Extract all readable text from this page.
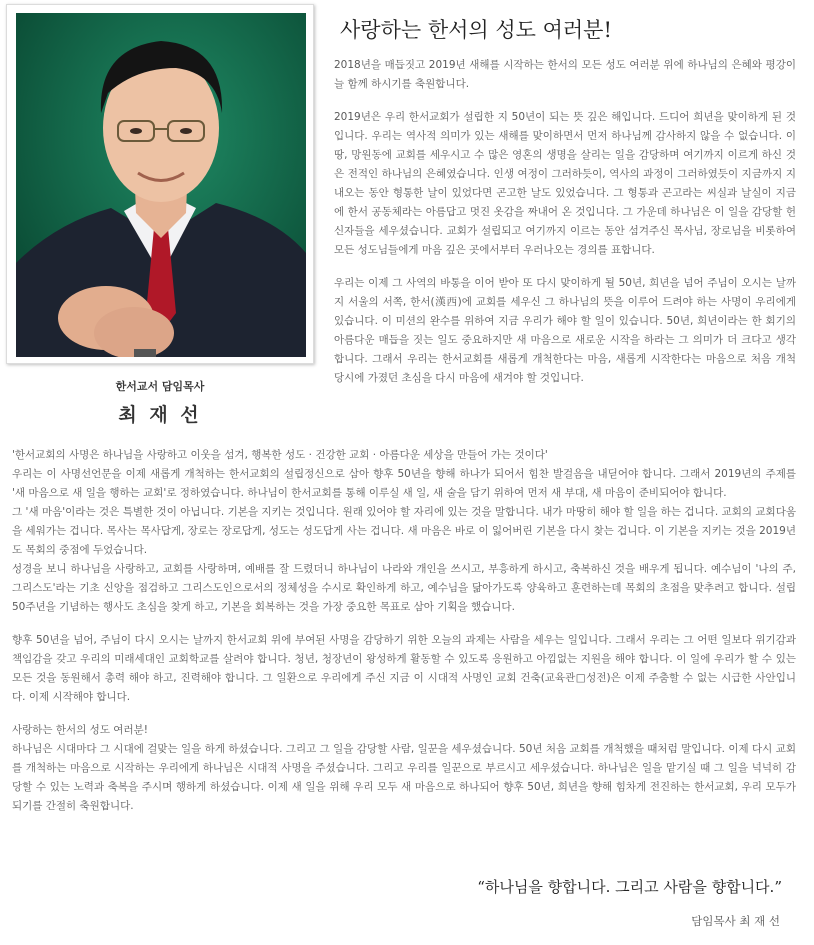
한서교서 담임목사
최 재 선
사랑하는 한서의 성도 여러분!

2018년을 매듭짓고 2019년 새해를 시작하는 한서의 모든 성도 여러분 위에 하나님의 은혜와 평강이 늘 함께 하시기를 축원합니다.

2019년은 우리 한서교회가 설립한 지 50년이 되는 뜻 깊은 해입니다. 드디어 희년을 맞이하게 된 것입니다. 우리는 역사적 의미가 있는 새해를 맞이하면서 먼저 하나님께 감사하지 않을 수 없습니다. 이 땅, 망원동에 교회를 세우시고 수 많은 영혼의 생명을 살리는 일을 감당하며 여기까지 이르게 하신 것은 전적인 하나님의 은혜였습니다. 인생 여정이 그러하듯이, 역사의 과정이 그러하였듯이 지금까지 지내오는 동안 형통한 날이 있었다면 곤고한 날도 있었습니다. 그 형통과 곤고라는 씨실과 날실이 지금에 한서 공동체라는 아름답고 멋진 옷감을 짜내어 온 것입니다. 그 가운데 하나님은 이 일을 감당할 헌신자들을 세우셨습니다. 교회가 설립되고 여기까지 이르는 동안 섬겨주신 목사님, 장로님을 비롯하여 모든 성도님들에게 마음 깊은 곳에서부터 우러나오는 경의를 표합니다.

우리는 이제 그 사역의 바통을 이어 받아 또 다시 맞이하게 될 50년, 희년을 넘어 주님이 오시는 날까지 서울의 서쪽, 한서(漢西)에 교회를 세우신 그 하나님의 뜻을 이루어 드려야 하는 사명이 우리에게 있습니다. 이 미션의 완수를 위하여 지금 우리가 해야 할 일이 있습니다. 50년, 희년이라는 한 회기의 아름다운 매듭을 짓는 일도 중요하지만 새 마음으로 새로운 시작을 하라는 그 의미가 더 크다고 생각합니다. 그래서 우리는 한서교회를 새롭게 개척한다는 마음, 새롭게 시작한다는 마음으로 처음 개척 당시에 가졌던 초심을 다시 마음에 새겨야 할 것입니다.

'한서교회의 사명은 하나님을 사랑하고 이웃을 섬겨, 행복한 성도 · 건강한 교회 · 아름다운 세상을 만들어 가는 것이다'

우리는 이 사명선언문을 이제 새롭게 개척하는 한서교회의 설립정신으로 삼아 향후 50년을 향해 하나가 되어서 힘찬 발걸음을 내딛어야 합니다. 그래서 2019년의 주제를 '새 마음으로 새 일을 행하는 교회'로 정하였습니다. 하나님이 한서교회를 통해 이루실 새 일, 새 술을 담기 위하여 먼저 새 부대, 새 마음이 준비되어야 합니다.

그 '새 마음'이라는 것은 특별한 것이 아닙니다. 기본을 지키는 것입니다. 원래 있어야 할 자리에 있는 것을 말합니다. 내가 마땅히 해야 할 일을 하는 겁니다. 교회의 교회다움을 세워가는 겁니다. 목사는 목사답게, 장로는 장로답게, 성도는 성도답게 사는 겁니다. 새 마음은 바로 이 잃어버린 기본을 다시 찾는 겁니다. 이 기본을 지키는 것을 2019년도 목회의 중점에 두었습니다.

성경을 보니 하나님을 사랑하고, 교회를 사랑하며, 예배를 잘 드렸더니 하나님이 나라와 개인을 쓰시고, 부흥하게 하시고, 축복하신 것을 배우게 됩니다. 예수님이 '나의 주, 그리스도'라는 기초 신앙을 점검하고 그리스도인으로서의 정체성을 수시로 확인하게 하고, 예수님을 닮아가도록 양육하고 훈련하는데 목회의 초점을 맞추려고 합니다. 설립50주년을 기념하는 행사도 초심을 찾게 하고, 기본을 회복하는 것을 가장 중요한 목표로 삼아 기획을 했습니다.

향후 50년을 넘어, 주님이 다시 오시는 날까지 한서교회 위에 부여된 사명을 감당하기 위한 오늘의 과제는 사람을 세우는 일입니다. 그래서 우리는 그 어떤 일보다 위기감과 책임감을 갖고 우리의 미래세대인 교회학교를 살려야 합니다. 청년, 청장년이 왕성하게 활동할 수 있도록 응원하고 아낌없는 지원을 해야 합니다. 이 일에 우리가 할 수 있는 모든 것을 동원해서 총력 해야 하고, 진력해야 합니다. 그 일환으로 우리에게 주신 지금 이 시대적 사명인 교회 건축(교육관□성전)은 이제 주춤할 수 없는 시급한 사안입니다. 이제 시작해야 합니다.

사랑하는 한서의 성도 여러분!

하나님은 시대마다 그 시대에 걸맞는 일을 하게 하셨습니다. 그리고 그 일을 감당할 사람, 일꾼을 세우셨습니다. 50년 처음 교회를 개척했을 때처럼 말입니다. 이제 다시 교회를 개척하는 마음으로 시작하는 우리에게 하나님은 시대적 사명을 주셨습니다. 그리고 우리를 일꾼으로 부르시고 세우셨습니다. 하나님은 일을 맡기실 때 그 일을 넉넉히 감당할 수 있는 노력과 축복을 주시며 행하게 하셨습니다. 이제 새 일을 위해 우리 모두 새 마음으로 하나되어 향후 50년, 희년을 향해 힘차게 전진하는 한서교회, 우리 모두가 되기를 간절히 축원합니다.

“하나님을 향합니다. 그리고 사람을 향합니다.”
담임목사 최 재 선
